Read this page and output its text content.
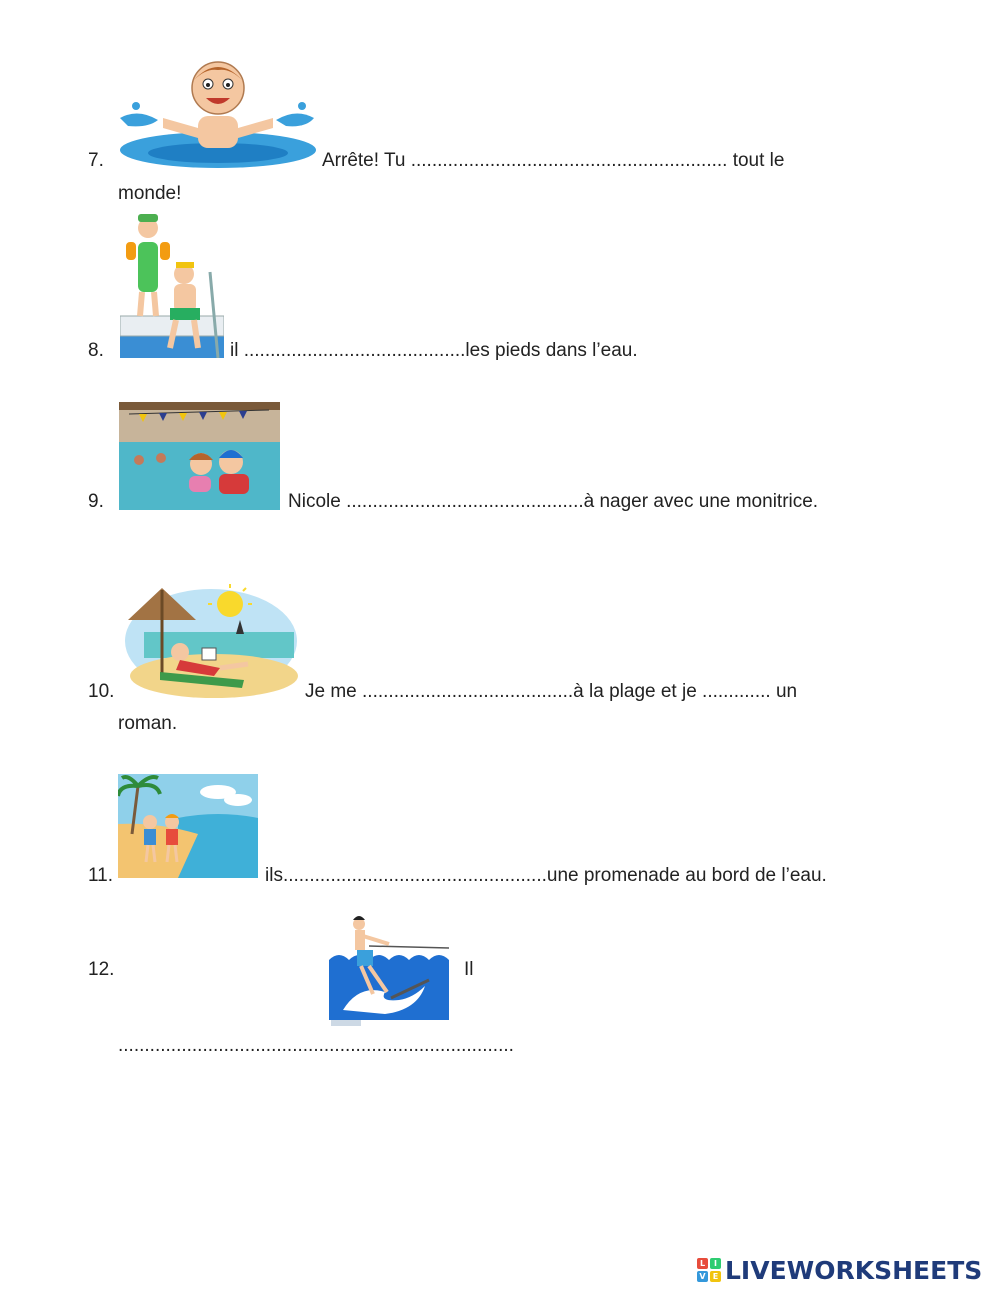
7.	Arrête! Tu ............................................................ tout le
monde!
8.	il ..........................................les pieds dans l’eau.
9.	Nicole .............................................à nager avec une monitrice.
10.	Je me ........................................à la plage et je ............. un
roman.
11.	ils..................................................une promenade au bord de l’eau.
12.	Il
...........................................................................
L	I
V E LIVEWORKSHEETS
